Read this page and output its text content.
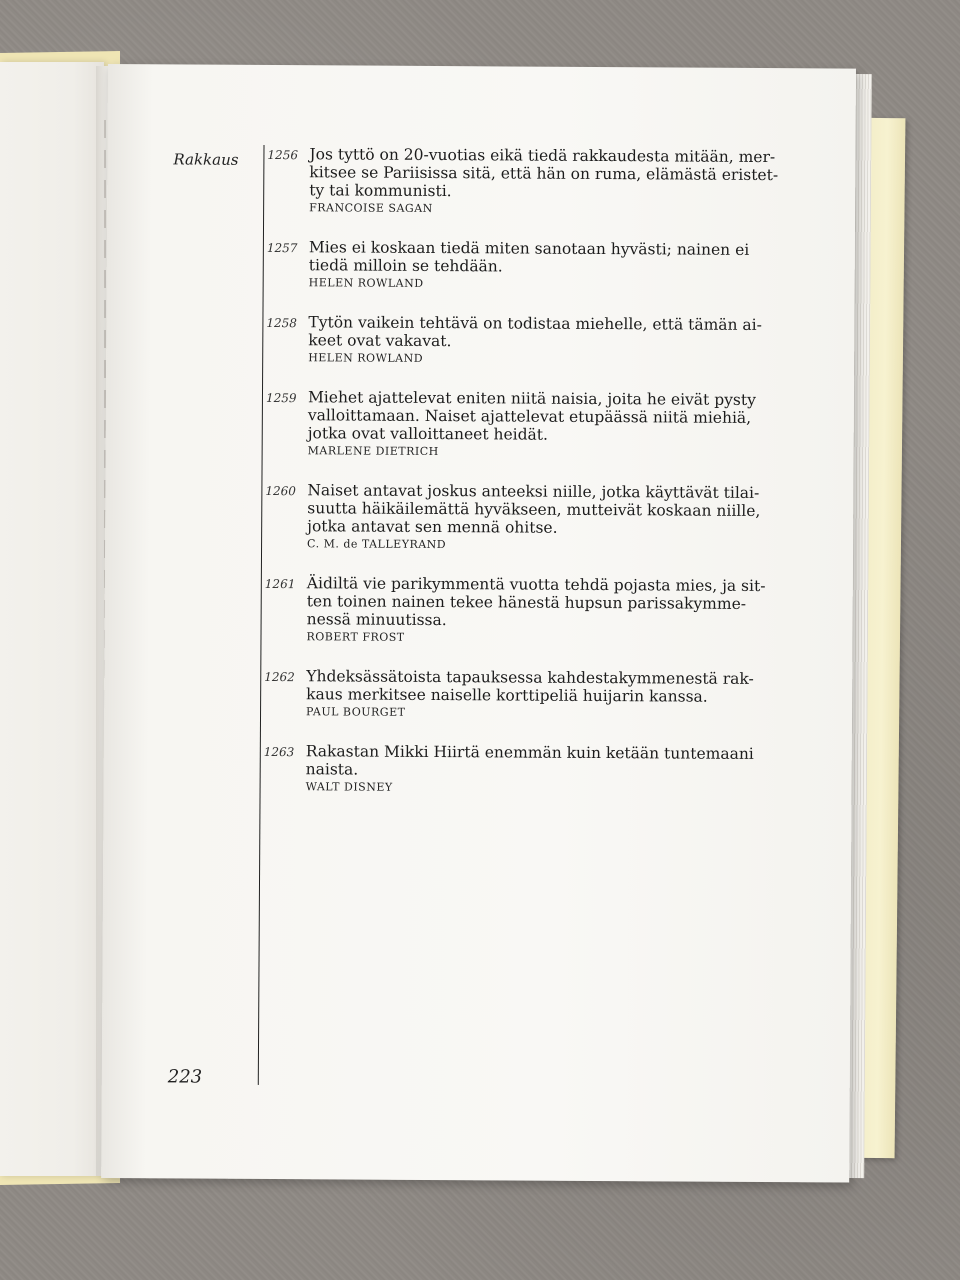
Rakkaus
223
1256 Jos tyttö on 20-vuotias eikä tiedä rakkaudesta mitään, mer-
kitsee se Pariisissa sitä, että hän on ruma, elämästä eristet-
ty tai kommunisti.
FRANCOISE SAGAN
1257 Mies ei koskaan tiedä miten sanotaan hyvästi; nainen ei
tiedä milloin se tehdään.
HELEN ROWLAND
1258 Tytön vaikein tehtävä on todistaa miehelle, että tämän ai-
keet ovat vakavat.
HELEN ROWLAND
1259 Miehet ajattelevat eniten niitä naisia, joita he eivät pysty
valloittamaan. Naiset ajattelevat etupäässä niitä miehiä,
jotka ovat valloittaneet heidät.
MARLENE DIETRICH
1260 Naiset antavat joskus anteeksi niille, jotka käyttävät tilai-
suutta häikäilemättä hyväkseen, mutteivät koskaan niille,
jotka antavat sen mennä ohitse.
C. M. de TALLEYRAND
1261 Äidiltä vie parikymmentä vuotta tehdä pojasta mies, ja sit-
ten toinen nainen tekee hänestä hupsun parissakymme-
nessä minuutissa.
ROBERT FROST
1262 Yhdeksässätoista tapauksessa kahdestakymmenestä rak-
kaus merkitsee naiselle korttipeliä huijarin kanssa.
PAUL BOURGET
1263 Rakastan Mikki Hiirtä enemmän kuin ketään tuntemaani
naista.
WALT DISNEY
